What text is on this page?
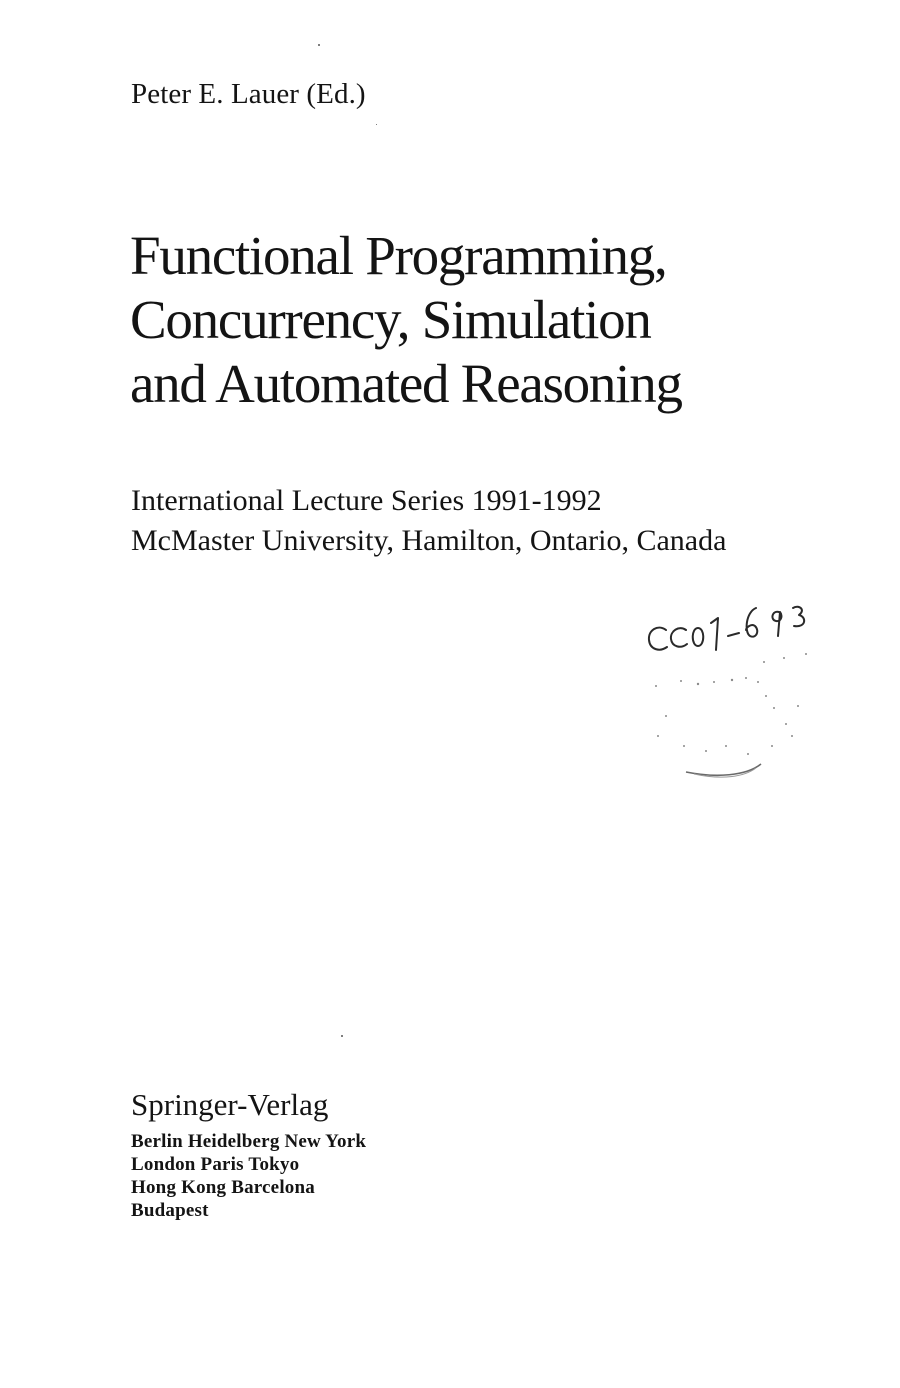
Peter E. Lauer (Ed.)
Functional Programming,
Concurrency, Simulation
and Automated Reasoning
International Lecture Series 1991-1992
McMaster University, Hamilton, Ontario, Canada
Springer-Verlag
Berlin Heidelberg New York
London Paris Tokyo
Hong Kong Barcelona
Budapest
